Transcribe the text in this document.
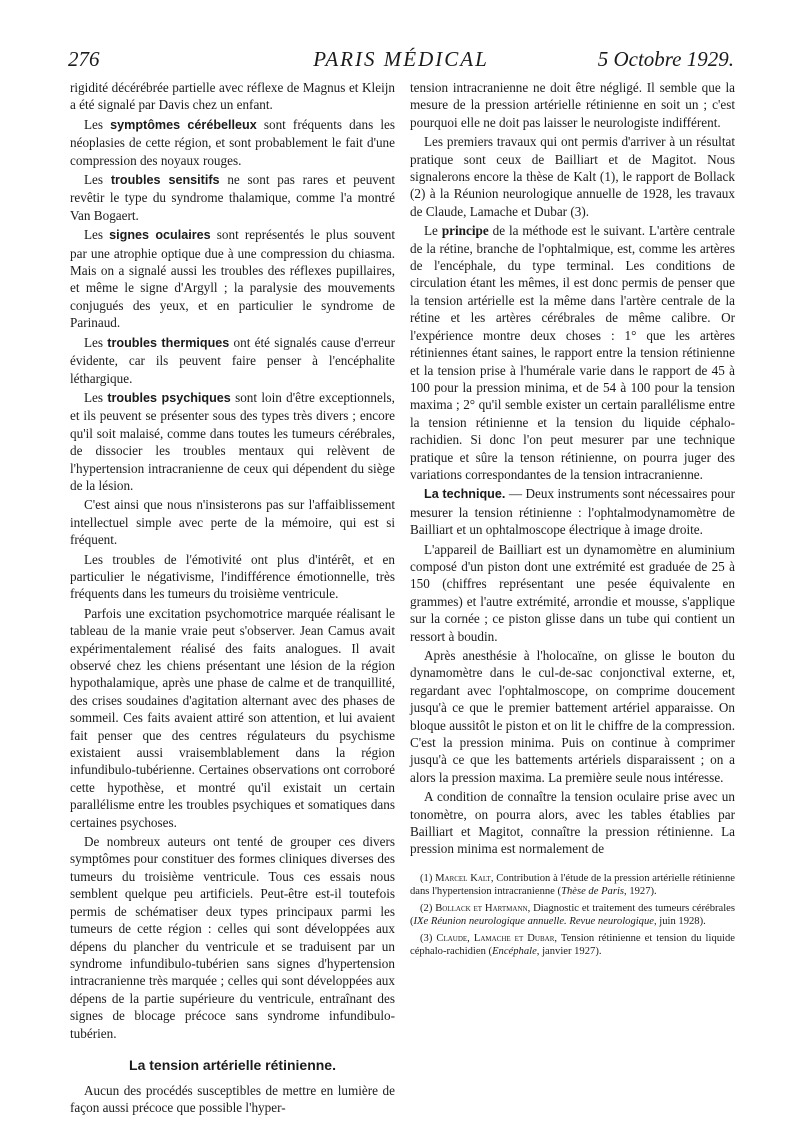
276	PARIS MÉDICAL	5 Octobre 1929.

rigidité décérébrée partielle avec réflexe de Magnus et Kleijn a été signalé par Davis chez un enfant.

Les symptômes cérébelleux sont fréquents dans les néoplasies de cette région, et sont probablement le fait d'une compression des noyaux rouges.

Les troubles sensitifs ne sont pas rares et peuvent revêtir le type du syndrome thalamique, comme l'a montré Van Bogaert.

Les signes oculaires sont représentés le plus souvent par une atrophie optique due à une compression du chiasma. Mais on a signalé aussi les troubles des réflexes pupillaires, et même le signe d'Argyll ; la paralysie des mouvements conjugués des yeux, et en particulier le syndrome de Parinaud.

Les troubles thermiques ont été signalés cause d'erreur évidente, car ils peuvent faire penser à l'encéphalite léthargique.

Les troubles psychiques sont loin d'être exceptionnels, et ils peuvent se présenter sous des types très divers ; encore qu'il soit malaisé, comme dans toutes les tumeurs cérébrales, de dissocier les troubles mentaux qui relèvent de l'hypertension intracranienne de ceux qui dépendent du siège de la lésion.

C'est ainsi que nous n'insisterons pas sur l'affaiblissement intellectuel simple avec perte de la mémoire, qui est si fréquent.

Les troubles de l'émotivité ont plus d'intérêt, et en particulier le négativisme, l'indifférence émotionnelle, très fréquents dans les tumeurs du troisième ventricule.

Parfois une excitation psychomotrice marquée réalisant le tableau de la manie vraie peut s'observer. Jean Camus avait expérimentalement réalisé des faits analogues. Il avait observé chez les chiens présentant une lésion de la région hypothalamique, après une phase de calme et de tranquillité, des crises soudaines d'agitation alternant avec des phases de sommeil. Ces faits avaient attiré son attention, et lui avaient fait penser que des centres régulateurs du psychisme existaient aussi vraisemblablement dans la région infundibulo-tubérienne. Certaines observations ont corroboré cette hypothèse, et montré qu'il existait un certain parallélisme entre les troubles psychiques et somatiques dans certaines psychoses.

De nombreux auteurs ont tenté de grouper ces divers symptômes pour constituer des formes cliniques diverses des tumeurs du troisième ventricule. Tous ces essais nous semblent quelque peu artificiels. Peut-être est-il toutefois permis de schématiser deux types principaux parmi les tumeurs de cette région : celles qui sont développées aux dépens du plancher du ventricule et se traduisent par un syndrome infundibulo-tubérien sans signes d'hypertension intracranienne très marquée ; celles qui sont développées aux dépens de la partie supérieure du ventricule, entraînant des signes de blocage précoce sans syndrome infundibulo-tubérien.

La tension artérielle rétinienne.

Aucun des procédés susceptibles de mettre en lumière de façon aussi précoce que possible l'hyper-

tension intracranienne ne doit être négligé. Il semble que la mesure de la pression artérielle rétinienne en soit un ; c'est pourquoi elle ne doit pas laisser le neurologiste indifférent.

Les premiers travaux qui ont permis d'arriver à un résultat pratique sont ceux de Bailliart et de Magitot. Nous signalerons encore la thèse de Kalt (1), le rapport de Bollack (2) à la Réunion neurologique annuelle de 1928, les travaux de Claude, Lamache et Dubar (3).

Le principe de la méthode est le suivant. L'artère centrale de la rétine, branche de l'ophtalmique, est, comme les artères de l'encéphale, du type terminal. Les conditions de circulation étant les mêmes, il est donc permis de penser que la tension artérielle est la même dans l'artère centrale de la rétine et les artères cérébrales de même calibre. Or l'expérience montre deux choses : 1° que les artères rétiniennes étant saines, le rapport entre la tension rétinienne et la tension prise à l'humérale varie dans le rapport de 45 à 100 pour la pression minima, et de 54 à 100 pour la tension maxima ; 2° qu'il semble exister un certain parallélisme entre la tension rétinienne et la tension du liquide céphalo-rachidien. Si donc l'on peut mesurer par une technique pratique et sûre la tenson rétinienne, on pourra juger des variations correspondantes de la tension intracranienne.

La technique. — Deux instruments sont nécessaires pour mesurer la tension rétinienne : l'ophtalmodynamomètre de Bailliart et un ophtalmoscope électrique à image droite.

L'appareil de Bailliart est un dynamomètre en aluminium composé d'un piston dont une extrémité est graduée de 25 à 150 (chiffres représentant une pesée équivalente en grammes) et l'autre extrémité, arrondie et mousse, s'applique sur la cornée ; ce piston glisse dans un tube qui contient un ressort à boudin.

Après anesthésie à l'holocaïne, on glisse le bouton du dynamomètre dans le cul-de-sac conjonctival externe, et, regardant avec l'ophtalmoscope, on comprime doucement jusqu'à ce que le premier battement artériel apparaisse. On bloque aussitôt le piston et on lit le chiffre de la compression. C'est la pression minima. Puis on continue à comprimer jusqu'à ce que les battements artériels disparaissent ; on a alors la pression maxima. La première seule nous intéresse.

A condition de connaître la tension oculaire prise avec un tonomètre, on pourra alors, avec les tables établies par Bailliart et Magitot, connaître la pression rétinienne. La pression minima est normalement de

(1) Marcel Kalt, Contribution à l'étude de la pression artérielle rétinienne dans l'hypertension intracranienne (Thèse de Paris, 1927).

(2) Bollack et Hartmann, Diagnostic et traitement des tumeurs cérébrales (IXe Réunion neurologique annuelle. Revue neurologique, juin 1928).

(3) Claude, Lamache et Dubar, Tension rétinienne et tension du liquide céphalo-rachidien (Encéphale, janvier 1927).
